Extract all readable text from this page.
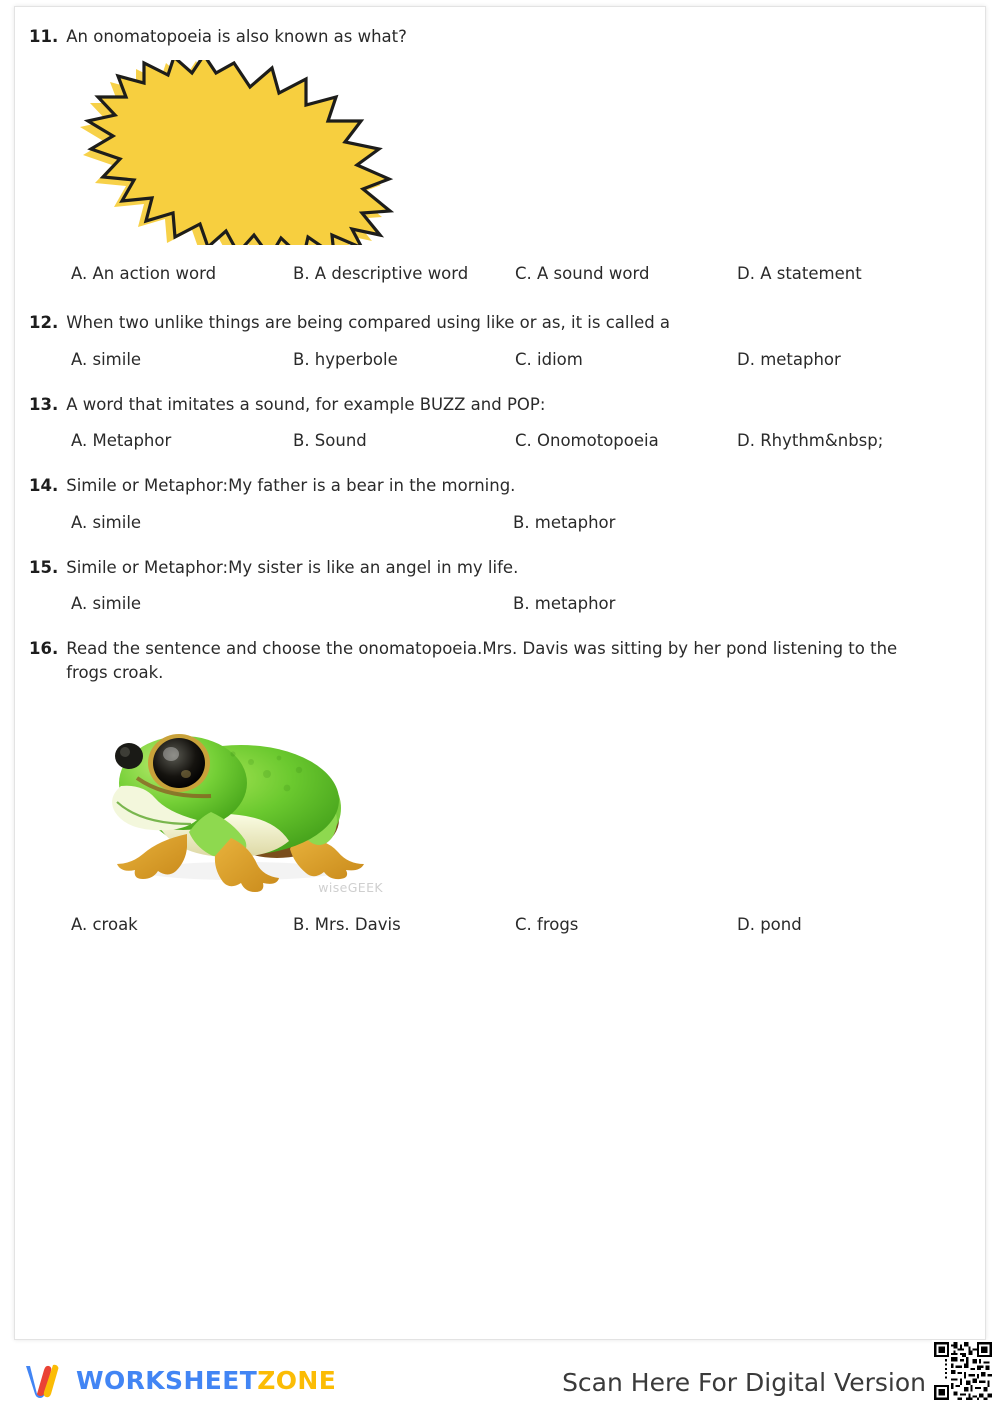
11. An onomatopoeia is also known as what?
A. An action word	B. A descriptive word	C. A sound word	D. A statement
12. When two unlike things are being compared using like or as, it is called a
A. simile	B. hyperbole	C. idiom	D. metaphor
13. A word that imitates a sound, for example BUZZ and POP:
A. Metaphor	B. Sound	C. Onomotopoeia	D. Rhythm&nbsp;
14. Simile or Metaphor:My father is a bear in the morning.
A. simile	B. metaphor
15. Simile or Metaphor:My sister is like an angel in my life.
A. simile	B. metaphor
16. Read the sentence and choose the onomatopoeia.Mrs. Davis was sitting by her pond listening to the frogs croak.
wiseGEEK
A. croak	B. Mrs. Davis	C. frogs	D. pond
WORKSHEETZONE	Scan Here For Digital Version
